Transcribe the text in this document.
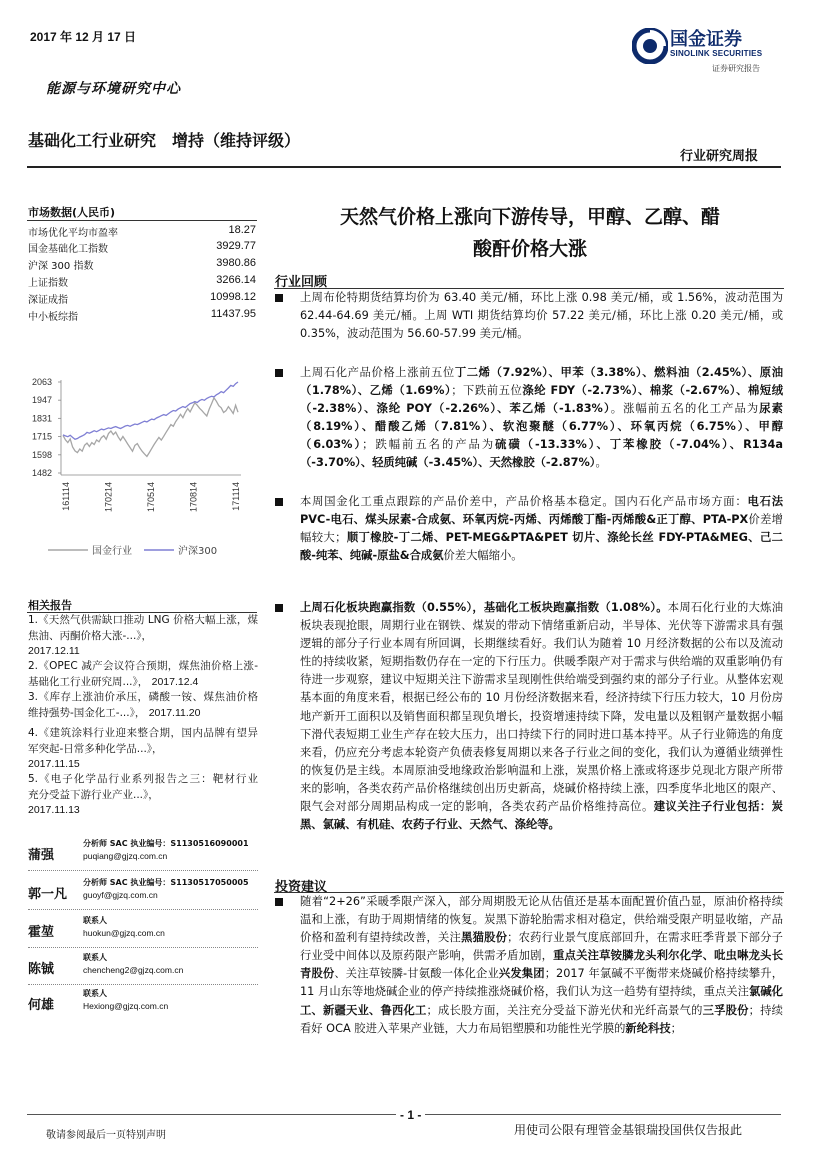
2017 年 12 月 17 日
能源与环境研究中心
基础化工行业研究　增持（维持评级）
行业研究周报
国金证券
SINOLINK SECURITIES
证券研究报告
市场数据(人民币)
市场优化平均市盈率	18.27
国金基础化工指数	3929.77
沪深 300 指数	3980.86
上证指数	3266.14
深证成指	10998.12
中小板综指	11437.95
2063
1947
1831
1715
1598
1482
161114	170214	170514	170814	171114
国金行业	沪深300
相关报告
1.《天然气供需缺口推动 LNG 价格大幅上涨，煤焦油、丙酮价格大涨-...》，
2017.12.11
2.《OPEC 减产会议符合预期，煤焦油价格上涨-基础化工行业研究周...》， 2017.12.4
3.《库存上涨油价承压，磷酸一铵、煤焦油价格维持强势-国金化工-...》， 2017.11.20
4.《建筑涂料行业迎来整合期，国内品牌有望异军突起-日常多种化学品...》，
2017.11.15
5.《电子化学品行业系列报告之三：靶材行业　　充分受益下游行业产业...》，
2017.11.13
蒲强
分析师 SAC 执业编号：S1130516090001
puqiang@gjzq.com.cn
郭一凡
分析师 SAC 执业编号：S1130517050005
guoyf@gjzq.com.cn
霍堃
联系人
huokun@gjzq.com.cn
陈铖
联系人
chencheng2@gjzq.com.cn
何雄
联系人
Hexiong@gjzq.com.cn
天然气价格上涨向下游传导，甲醇、乙醇、醋
酸酐价格大涨
行业回顾
上周布伦特期货结算均价为 63.40 美元/桶，环比上涨 0.98 美元/桶，或 1.56%，波动范围为 62.44-64.69 美元/桶。上周 WTI 期货结算均价 57.22 美元/桶，环比上涨 0.20 美元/桶，或 0.35%，波动范围为 56.60-57.99 美元/桶。
上周石化产品价格上涨前五位丁二烯（7.92%）、甲苯（3.38%）、燃料油（2.45%）、原油（1.78%）、乙烯（1.69%）；下跌前五位涤纶 FDY（-2.73%）、棉浆（-2.67%）、棉短绒（-2.38%）、涤纶 POY（-2.26%）、苯乙烯（-1.83%）。涨幅前五名的化工产品为尿素（8.19%）、醋酸乙烯（7.81%）、软泡聚醚（6.77%）、环氧丙烷（6.75%）、甲醇（6.03%）；跌幅前五名的产品为硫磺（-13.33%）、丁苯橡胶（-7.04%）、R134a（-3.70%）、轻质纯碱（-3.45%）、天然橡胶（-2.87%）。
本周国金化工重点跟踪的产品价差中，产品价格基本稳定。国内石化产品市场方面：电石法 PVC-电石、煤头尿素-合成氨、环氧丙烷-丙烯、丙烯酸丁酯-丙烯酸&正丁醇、PTA-PX价差增幅较大；顺丁橡胶-丁二烯、PET-MEG&PTA&PET 切片、涤纶长丝 FDY-PTA&MEG、己二酸-纯苯、纯碱-原盐&合成氨价差大幅缩小。
上周石化板块跑赢指数（0.55%），基础化工板块跑赢指数（1.08%）。本周石化行业的大炼油板块表现抢眼，周期行业在钢铁、煤炭的带动下情绪重新启动，半导体、光伏等下游需求具有强逻辑的部分子行业本周有所回调，长期继续看好。我们认为随着 10 月经济数据的公布以及流动性的持续收紧，短期指数仍存在一定的下行压力。供暖季限产对于需求与供给端的双重影响仍有待进一步观察，建议中短期关注下游需求呈现刚性供给端受到强约束的部分子行业。从整体宏观基本面的角度来看，根据已经公布的 10 月份经济数据来看，经济持续下行压力较大，10 月份房地产新开工面积以及销售面积都呈现负增长，投资增速持续下降，发电量以及粗钢产量数据小幅下滑代表短期工业生产存在较大压力，出口持续下行的同时进口基本持平。从子行业筛选的角度来看，仍应充分考虑本轮资产负债表修复周期以来各子行业之间的变化，我们认为遵循业绩弹性的恢复仍是主线。本周原油受地缘政治影响温和上涨，炭黑价格上涨或将逐步兑现北方限产所带来的影响，各类农药产品价格继续创出历史新高，烧碱价格持续上涨，四季度华北地区的限产、限气会对部分周期品构成一定的影响，各类农药产品价格维持高位。建议关注子行业包括：炭黑、氯碱、有机硅、农药子行业、天然气、涤纶等。
投资建议
随着“2+26”采暖季限产深入，部分周期股无论从估值还是基本面配置价值凸显，原油价格持续温和上涨，有助于周期情绪的恢复。炭黑下游轮胎需求相对稳定，供给端受限产明显收缩，产品价格和盈利有望持续改善，关注黑猫股份；农药行业景气度底部回升，在需求旺季背景下部分子行业受中间体以及原药限产影响，供需矛盾加剧，重点关注草铵膦龙头利尔化学、吡虫啉龙头长青股份、关注草铵膦-甘氨酸一体化企业兴发集团；2017 年氯碱不平衡带来烧碱价格持续攀升，11 月山东等地烧碱企业的停产持续推涨烧碱价格，我们认为这一趋势有望持续，重点关注氯碱化工、新疆天业、鲁西化工；成长股方面，关注充分受益下游光伏和光纤高景气的三孚股份；持续看好 OCA 胶进入苹果产业链，大力布局铝塑膜和功能性光学膜的新纶科技；
- 1 -
敬请参阅最后一页特别声明	用使司公限有理管金基银瑞投国供仅告报此
